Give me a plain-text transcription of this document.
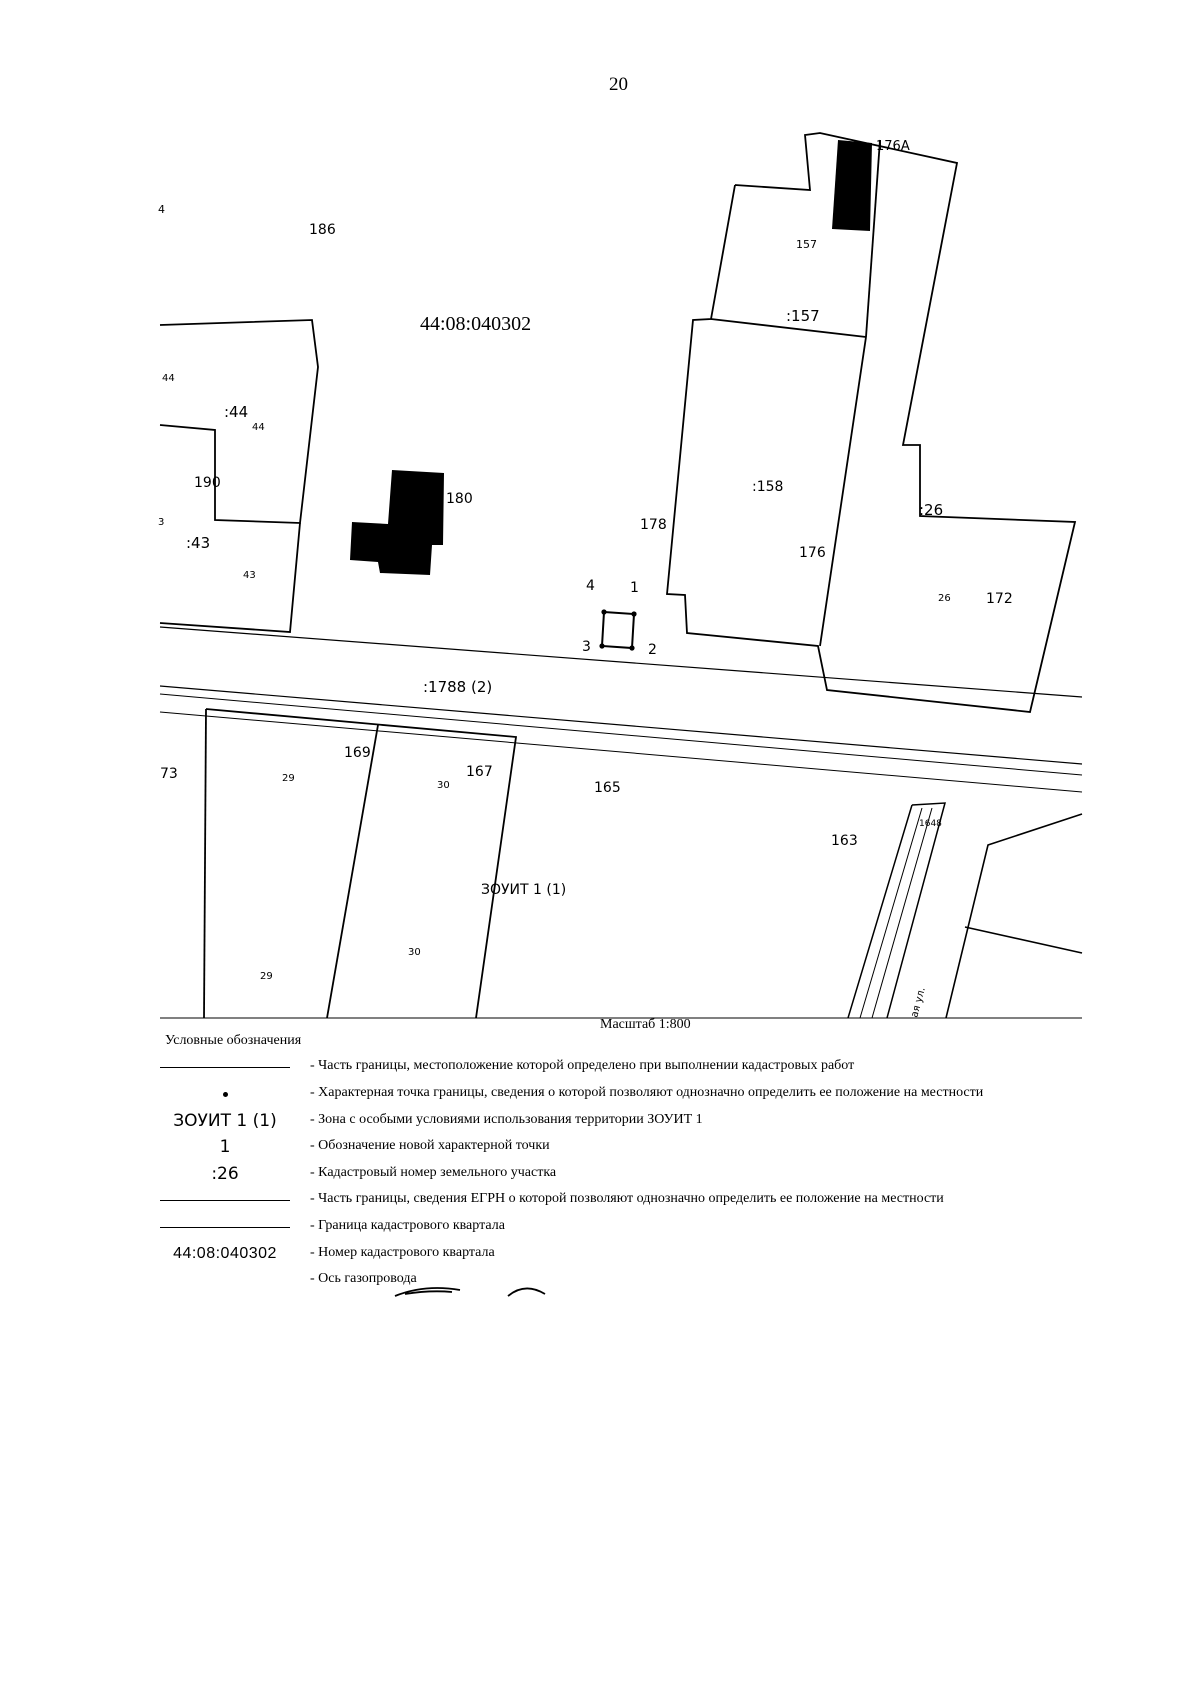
20
44:08:040302
186
4
44
:44
44
190
3
:43
43
180
178
157
:157
:158
176
176А
:26
26	172
4	1
3	2
:1788 (2)
73	29
169
30
167
165
163
1648
ЗОУИТ 1 (1)
30
29
ая ул.
Масштаб 1:800
Условные обозначения
- Часть границы, местоположение которой определено при выполнении кадастровых работ
- Характерная точка границы, сведения о которой позволяют однозначно определить ее положение на местности
ЗОУИТ 1 (1) - Зона с особыми условиями использования территории ЗОУИТ 1
1	- Обозначение новой характерной точки
:26	- Кадастровый номер земельного участка
- Часть границы, сведения ЕГРН о которой позволяют однозначно определить ее положение на местности
- Граница кадастрового квартала
44:08:040302 - Номер кадастрового квартала
- Ось газопровода
